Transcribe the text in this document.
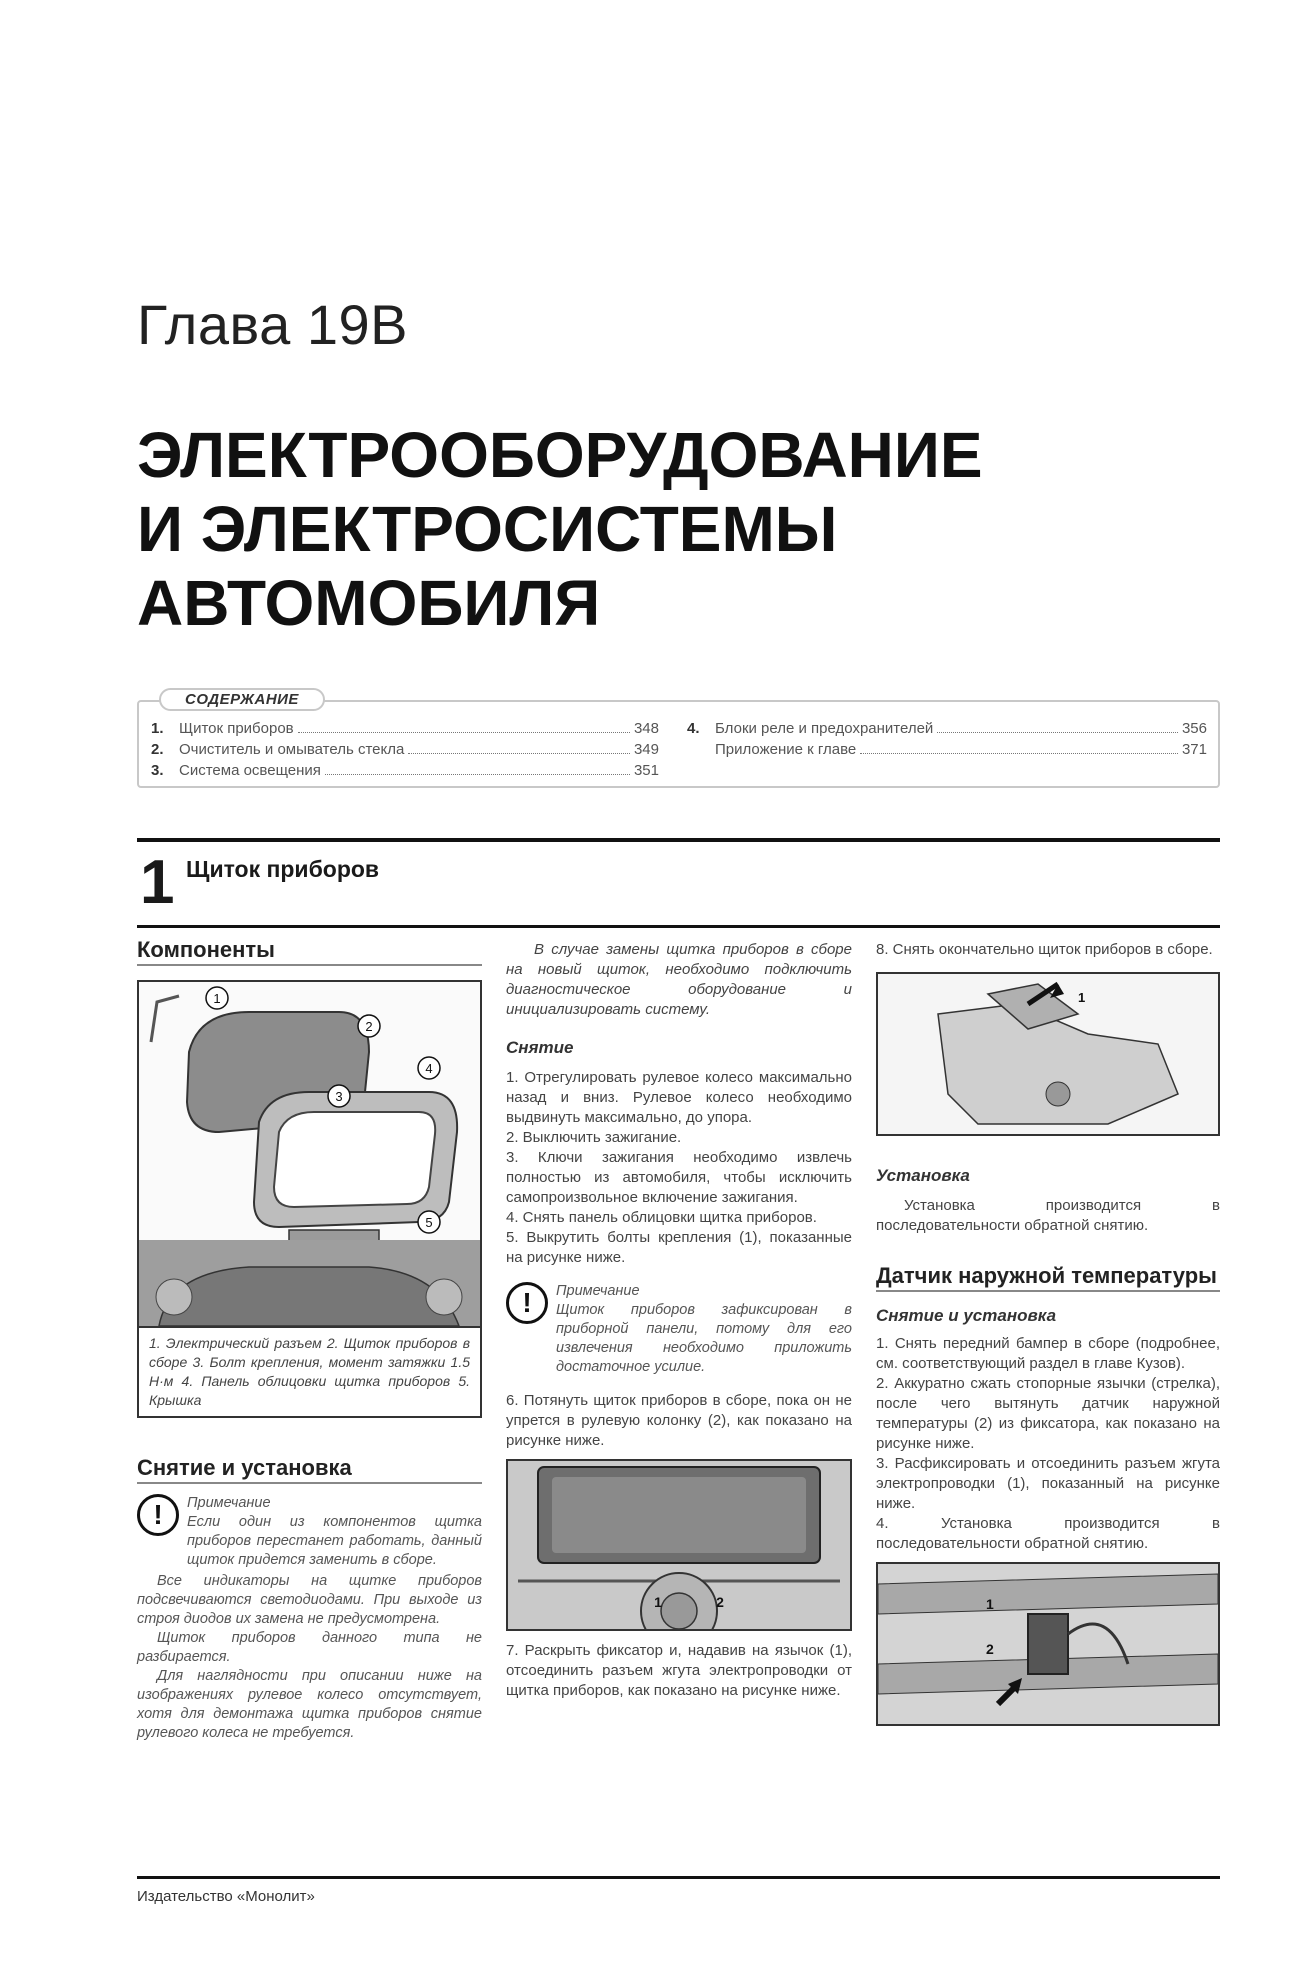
Глава 19В
ЭЛЕКТРООБОРУДОВАНИЕ
И ЭЛЕКТРОСИСТЕМЫ
АВТОМОБИЛЯ
СОДЕРЖАНИЕ
1.	Щиток приборов	348
2.	Очиститель и омыватель стекла	349
3.	Система освещения	351
4.	Блоки реле и предохранителей	356
Приложение к главе	371
1 Щиток приборов
Компоненты
1
2
3
4
5
1. Электрический разъем 2. Щиток приборов в сборе 3. Болт крепления, момент затяжки 1.5 Н·м 4. Панель облицовки щитка приборов 5. Крышка
Снятие и установка
!	Примечание

Если один из компонентов щитка приборов перестанет работать, данный щиток придется заменить в сборе.

Все индикаторы на щитке приборов подсвечиваются светодиодами. При выходе из строя диодов их замена не предусмотрена.

Щиток приборов данного типа не разбирается.

Для наглядности при описании ниже на изображениях рулевое колесо отсутствует, хотя для демонтажа щитка приборов снятие рулевого колеса не требуется.

В случае замены щитка приборов в сборе на новый щиток, необходимо подключить диагностическое оборудование и инициализировать систему.

Снятие

1. Отрегулировать рулевое колесо максимально назад и вниз. Рулевое колесо необходимо выдвинуть максимально, до упора.

2. Выключить зажигание.

3. Ключи зажигания необходимо извлечь полностью из автомобиля, чтобы исключить самопроизвольное включение зажигания.

4. Снять панель облицовки щитка приборов.

5. Выкрутить болты крепления (1), показанные на рисунке ниже.

!	Примечание

Щиток приборов зафиксирован в приборной панели, потому для его извлечения необходимо приложить достаточное усилие.

6. Потянуть щиток приборов в сборе, пока он не упрется в рулевую колонку (2), как показано на рисунке ниже.

1	2

7. Раскрыть фиксатор и, надавив на язычок (1), отсоединить разъем жгута электропроводки от щитка приборов, как показано на рисунке ниже.

8. Снять окончательно щиток приборов в сборе.

1
Установка

Установка производится в последовательности обратной снятию.

Датчик наружной температуры
Снятие и установка

1. Снять передний бампер в сборе (подробнее, см. соответствующий раздел в главе Кузов).

2. Аккуратно сжать стопорные язычки (стрелка), после чего вытянуть датчик наружной температуры (2) из фиксатора, как показано на рисунке ниже.

3. Расфиксировать и отсоединить разъем жгута электропроводки (1), показанный на рисунке ниже.

4. Установка производится в последовательности обратной снятию.

1
2
Издательство «Монолит»
